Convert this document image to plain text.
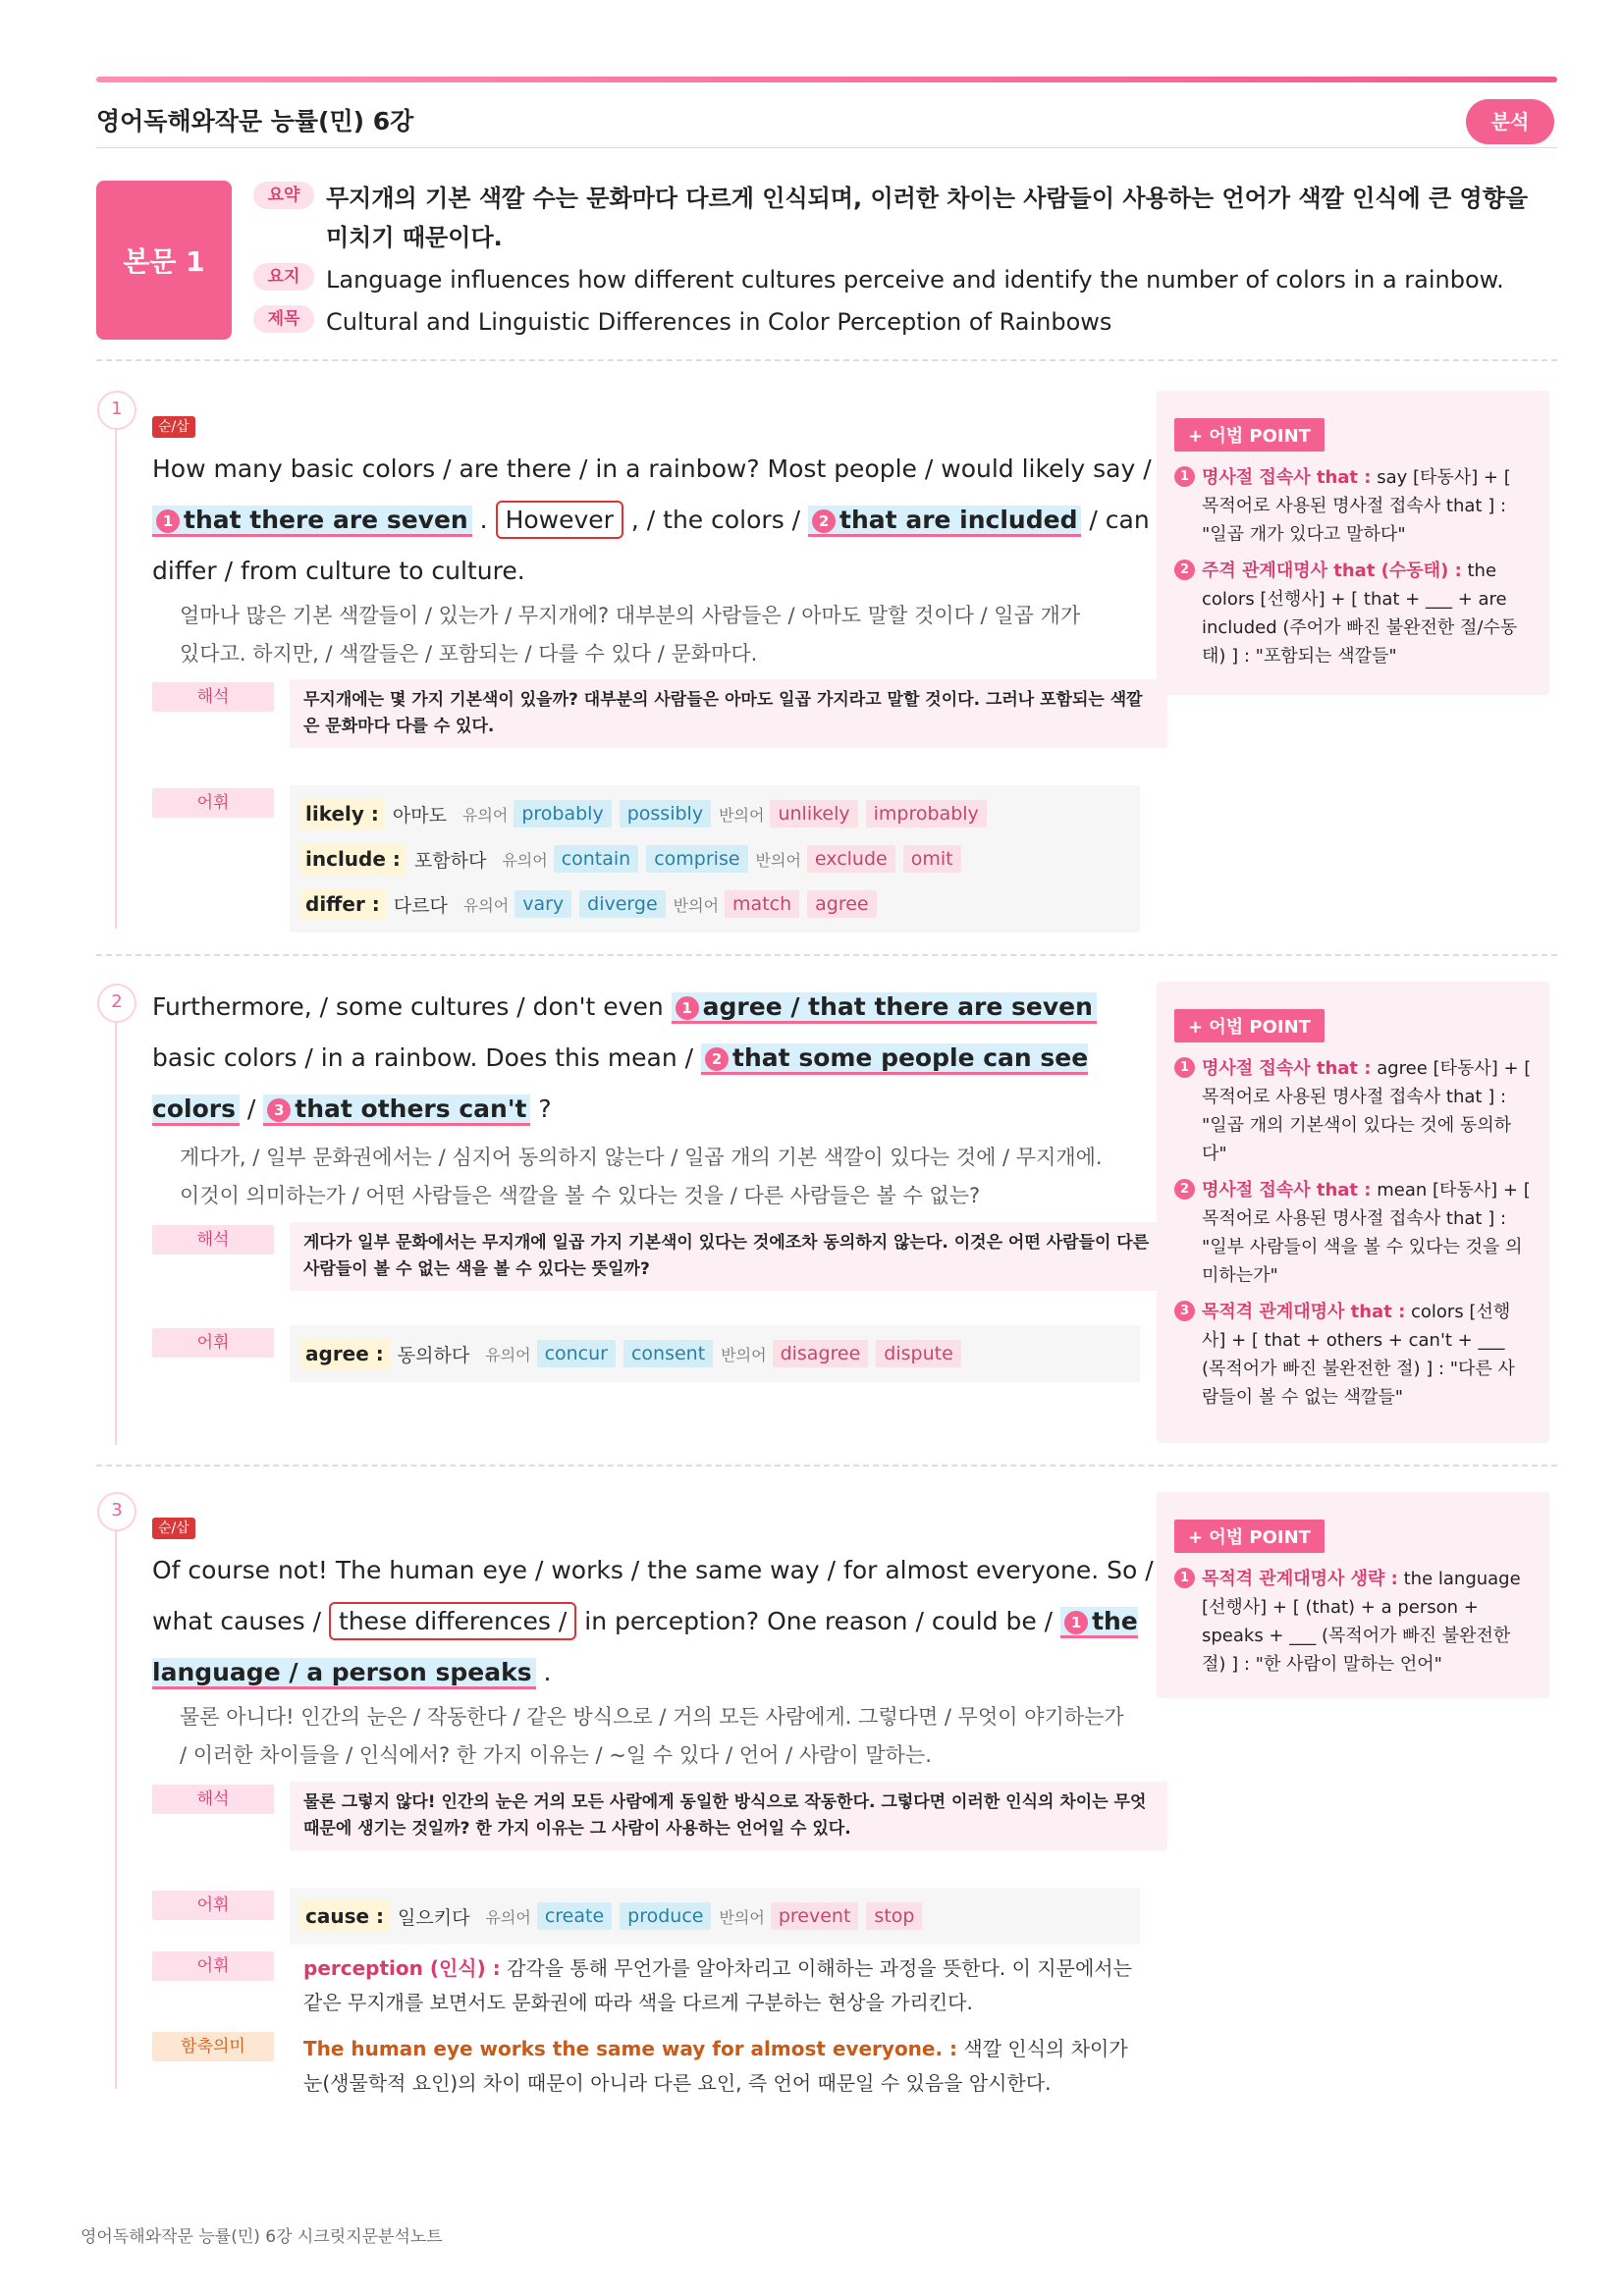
영어독해와작문 능률(민) 6강	분석
본문 1
요약	무지개의 기본 색깔 수는 문화마다 다르게 인식되며, 이러한 차이는 사람들이 사용하는 언어가 색깔 인식에 큰 영향을
미치기 때문이다.
요지	Language influences how different cultures perceive and identify the number of colors in a rainbow.
제목	Cultural and Linguistic Differences in Color Perception of Rainbows
1
순/삽
How many basic colors / are there / in a rainbow? Most people / would likely say / 1 that there are seven . However , / the colors / 2 that are included / can differ / from culture to culture.
얼마나 많은 기본 색깔들이 / 있는가 / 무지개에? 대부분의 사람들은 / 아마도 말할 것이다 / 일곱 개가
있다고. 하지만, / 색깔들은 / 포함되는 / 다를 수 있다 / 문화마다.
해석	무지개에는 몇 가지 기본색이 있을까? 대부분의 사람들은 아마도 일곱 가지라고 말할 것이다. 그러나 포함되는 색깔은 문화마다 다를 수 있다.
어휘	likely : 아마도 유의어 probably	possibly	반의어 unlikely	improbably
include : 포함하다 유의어 contain	comprise	반의어 exclude	omit
differ : 다르다 유의어 vary	diverge	반의어 match	agree
+ 어법 POINT
1 명사절 접속사 that : say [타동사] + [ 목적어로 사용된 명사절 접속사 that ] : "일곱 개가 있다고 말하다"
2 주격 관계대명사 that (수동태) : the colors [선행사] + [ that + ___ + are included (주어가 빠진 불완전한 절/수동태) ] : "포함되는 색깔들"
2	Furthermore, / some cultures / don't even 1 agree / that there are seven basic colors / in a rainbow. Does this mean / 2 that some people can see colors / 3 that others can't ?
게다가, / 일부 문화권에서는 / 심지어 동의하지 않는다 / 일곱 개의 기본 색깔이 있다는 것에 / 무지개에.
이것이 의미하는가 / 어떤 사람들은 색깔을 볼 수 있다는 것을 / 다른 사람들은 볼 수 없는?
해석	게다가 일부 문화에서는 무지개에 일곱 가지 기본색이 있다는 것에조차 동의하지 않는다. 이것은 어떤 사람들이 다른 사람들이 볼 수 없는 색을 볼 수 있다는 뜻일까?
어휘	agree : 동의하다 유의어 concur	consent	반의어 disagree	dispute
+ 어법 POINT
1 명사절 접속사 that : agree [타동사] + [ 목적어로 사용된 명사절 접속사 that ] : "일곱 개의 기본색이 있다는 것에 동의하다"
2 명사절 접속사 that : mean [타동사] + [ 목적어로 사용된 명사절 접속사 that ] : "일부 사람들이 색을 볼 수 있다는 것을 의미하는가"
3 목적격 관계대명사 that : colors [선행사] + [ that + others + can't + ___ (목적어가 빠진 불완전한 절) ] : "다른 사람들이 볼 수 없는 색깔들"
3
순/삽
Of course not! The human eye / works / the same way / for almost everyone. So / what causes / these differences / in perception? One reason / could be / 1 the language / a person speaks .
물론 아니다! 인간의 눈은 / 작동한다 / 같은 방식으로 / 거의 모든 사람에게. 그렇다면 / 무엇이 야기하는가
/ 이러한 차이들을 / 인식에서? 한 가지 이유는 / ~일 수 있다 / 언어 / 사람이 말하는.
해석	물론 그렇지 않다! 인간의 눈은 거의 모든 사람에게 동일한 방식으로 작동한다. 그렇다면 이러한 인식의 차이는 무엇 때문에 생기는 것일까? 한 가지 이유는 그 사람이 사용하는 언어일 수 있다.
어휘	cause : 일으키다 유의어 create	produce	반의어 prevent	stop
어휘	perception (인식) : 감각을 통해 무언가를 알아차리고 이해하는 과정을 뜻한다. 이 지문에서는 같은 무지개를 보면서도 문화권에 따라 색을 다르게 구분하는 현상을 가리킨다.
함축의미	The human eye works the same way for almost everyone. : 색깔 인식의 차이가 눈(생물학적 요인)의 차이 때문이 아니라 다른 요인, 즉 언어 때문일 수 있음을 암시한다.
+ 어법 POINT
1 목적격 관계대명사 생략 : the language [선행사] + [ (that) + a person + speaks + ___ (목적어가 빠진 불완전한 절) ] : "한 사람이 말하는 언어"
영어독해와작문 능률(민) 6강 시크릿지문분석노트
